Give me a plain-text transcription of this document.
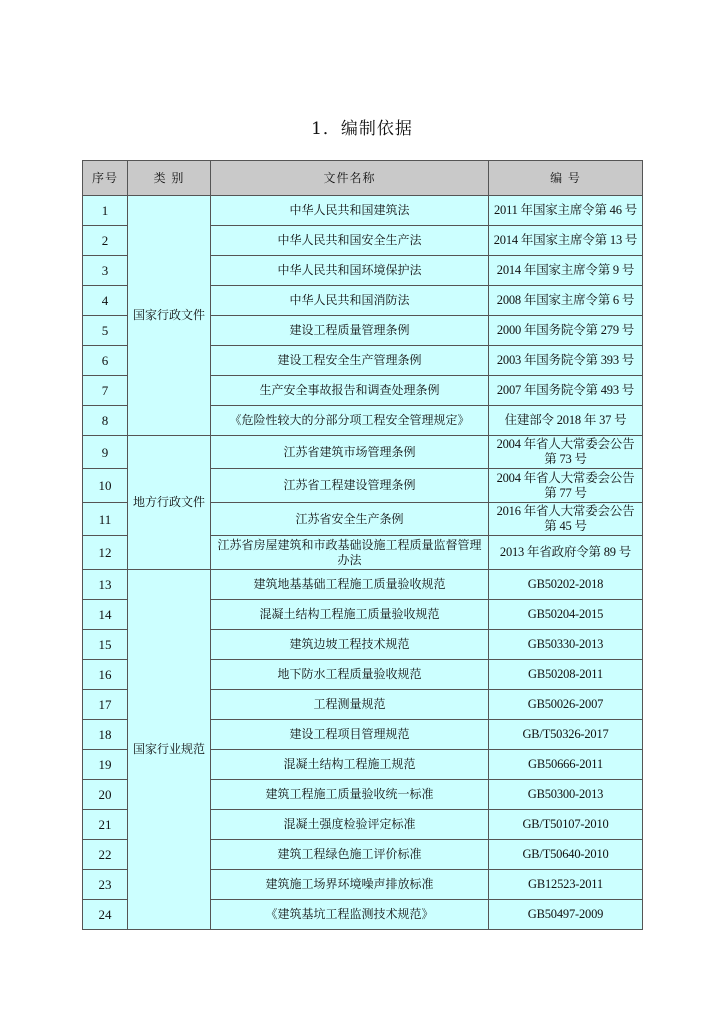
1．编制依据
序号	类 别	文件名称	编 号
1	国家行政文件	中华人民共和国建筑法	2011 年国家主席令第 46 号
2		中华人民共和国安全生产法	2014 年国家主席令第 13 号
3		中华人民共和国环境保护法	2014 年国家主席令第 9 号
4		中华人民共和国消防法	2008 年国家主席令第 6 号
5		建设工程质量管理条例	2000 年国务院令第 279 号
6		建设工程安全生产管理条例	2003 年国务院令第 393 号
7		生产安全事故报告和调查处理条例	2007 年国务院令第 493 号
8		《危险性较大的分部分项工程安全管理规定》	住建部令 2018 年 37 号
9	地方行政文件	江苏省建筑市场管理条例	2004 年省人大常委会公告第 73 号
10		江苏省工程建设管理条例	2004 年省人大常委会公告第 77 号
11		江苏省安全生产条例	2016 年省人大常委会公告第 45 号
12		江苏省房屋建筑和市政基础设施工程质量监督管理办法	2013 年省政府令第 89 号
13	国家行业规范	建筑地基基础工程施工质量验收规范	GB50202-2018
14		混凝土结构工程施工质量验收规范	GB50204-2015
15		建筑边坡工程技术规范	GB50330-2013
16		地下防水工程质量验收规范	GB50208-2011
17		工程测量规范	GB50026-2007
18		建设工程项目管理规范	GB/T50326-2017
19		混凝土结构工程施工规范	GB50666-2011
20		建筑工程施工质量验收统一标准	GB50300-2013
21		混凝土强度检验评定标准	GB/T50107-2010
22		建筑工程绿色施工评价标准	GB/T50640-2010
23		建筑施工场界环境噪声排放标准	GB12523-2011
24		《建筑基坑工程监测技术规范》	GB50497-2009
